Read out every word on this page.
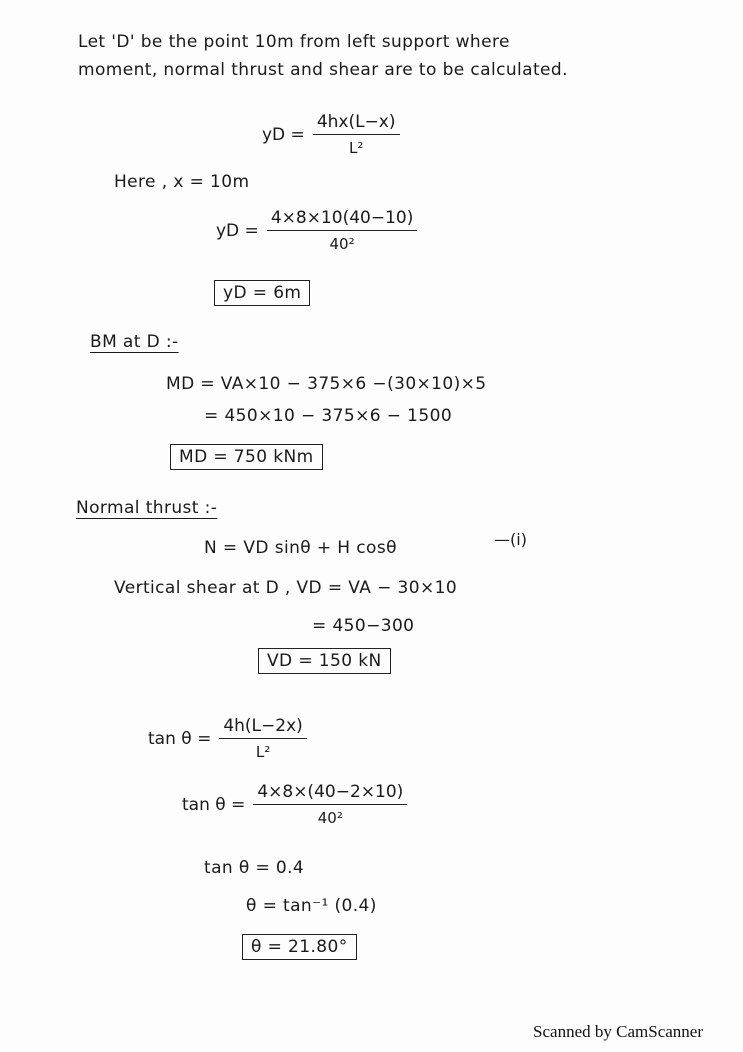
Let 'D' be the point 10m from left support where
moment, normal thrust and shear are to be calculated.
yD = $\frac{4hx(L-x)}{\text{L²}}$
Here , x = 10m
yD = $\frac{4\times 8\times 10(40-10)}{\text{40²}}$
yD = 6m
BM at D :-
MD = VA×10 − 375×6 −(30×10)×5
= 450×10 − 375×6 − 1500
MD = 750 kNm
Normal thrust :-
N = VD sinθ + H cosθ	—(i)
Vertical shear at D , VD = VA − 30×10
= 450−300
VD = 150 kN
$\tan \theta = \frac{4h(L-2x)}{\text{L²}}$
$\tan \theta = \frac{4\times 8\times(40-2\times 10)}{\text{40²}}$
tan θ = 0.4
θ = tan⁻¹ (0.4)
θ = 21.80°
Scanned by CamScanner
